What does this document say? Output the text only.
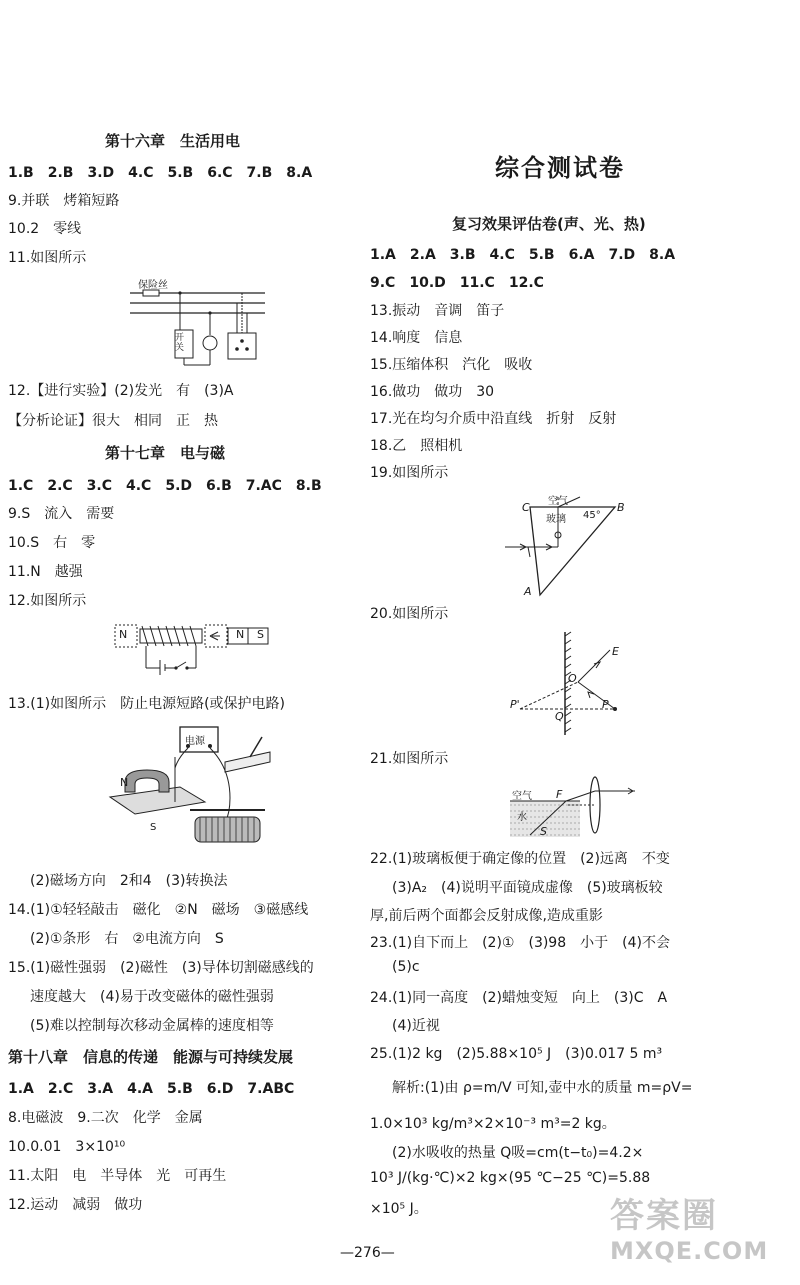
第十六章　生活用电
1.B　2.B　3.D　4.C　5.B　6.C　7.B　8.A
9.并联　烤箱短路
10.2　零线
11.如图所示
保险丝
开关
12.【进行实验】(2)发光　有　(3)A
【分析论证】很大　相同　正　热
第十七章　电与磁
1.C　2.C　3.C　4.C　5.D　6.B　7.AC　8.B
9.S　流入　需要
10.S　右　零
11.N　越强
12.如图所示
N	N S
13.(1)如图所示　防止电源短路(或保护电路)
电源
N
S
(2)磁场方向　2和4　(3)转换法
14.(1)①轻轻敲击　磁化　②N　磁场　③磁感线
(2)①条形　右　②电流方向　S
15.(1)磁性强弱　(2)磁性　(3)导体切割磁感线的
速度越大　(4)易于改变磁体的磁性强弱
(5)难以控制每次移动金属棒的速度相等
第十八章　信息的传递　能源与可持续发展
1.A　2.C　3.A　4.A　5.B　6.D　7.ABC
8.电磁波　9.二次　化学　金属
10.0.01　3×10¹⁰
11.太阳　电　半导体　光　可再生
12.运动　减弱　做功
综合测试卷
复习效果评估卷(声、光、热)
1.A　2.A　3.B　4.C　5.B　6.A　7.D　8.A
9.C　10.D　11.C　12.C
13.振动　音调　笛子
14.响度　信息
15.压缩体积　汽化　吸收
16.做功　做功　30
17.光在均匀介质中沿直线　折射　反射
18.乙　照相机
19.如图所示
空气
C
玻璃 45°
B
A
20.如图所示
E
O
P'
Q
P
21.如图所示
空气 F
水
S
22.(1)玻璃板便于确定像的位置　(2)远离　不变
(3)A₂　(4)说明平面镜成虚像　(5)玻璃板较
厚,前后两个面都会反射成像,造成重影
23.(1)自下而上　(2)①　(3)98　小于　(4)不会
(5)c
24.(1)同一高度　(2)蜡烛变短　向上　(3)C　A
(4)近视
25.(1)2 kg　(2)5.88×10⁵ J　(3)0.017 5 m³
解析:(1)由 ρ=m/V 可知,壶中水的质量 m=ρV=
1.0×10³ kg/m³×2×10⁻³ m³=2 kg。
(2)水吸收的热量 Q吸=cm(t−t₀)=4.2×
10³ J/(kg·℃)×2 kg×(95 ℃−25 ℃)=5.88
×10⁵ J。
—276—
答案圈
MXQE.COM
